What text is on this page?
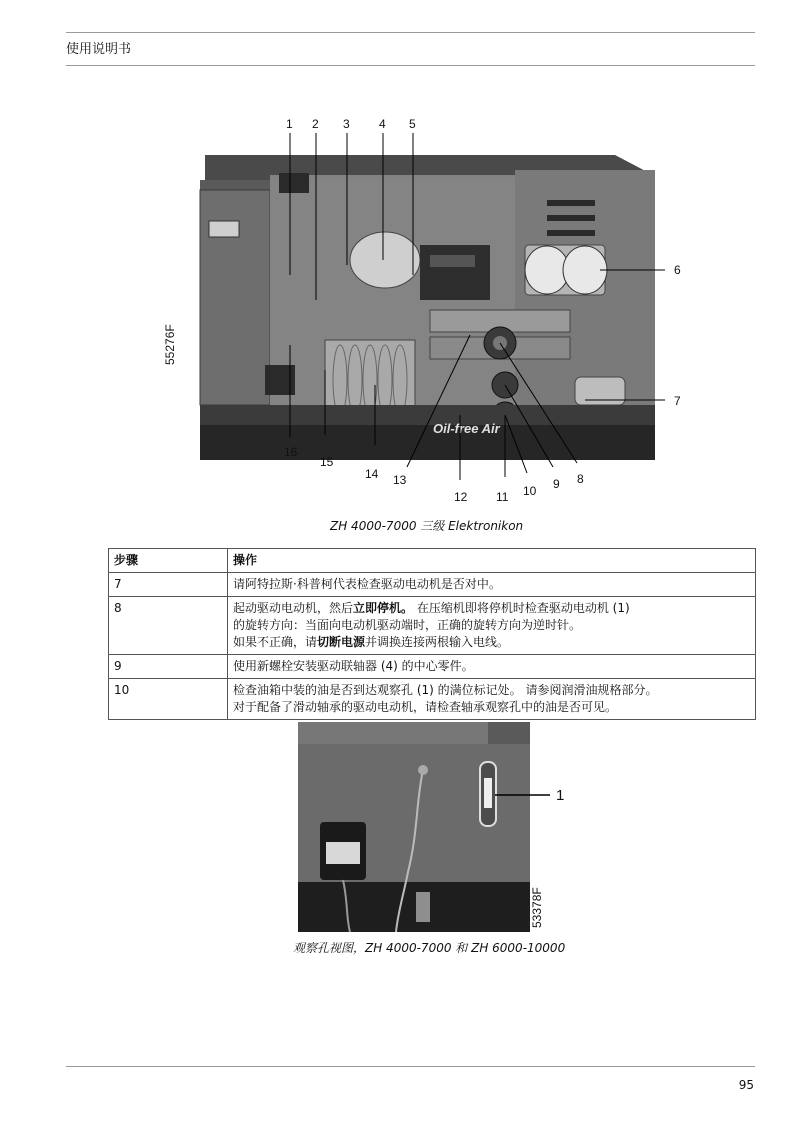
使用说明书
Oil-free Air
1 2 3 4 5
6
7
8
9
10
11
12
13
14
15
16
55276F
ZH 4000-7000 三级 Elektronikon
步骤	操作
7	请阿特拉斯·科普柯代表检查驱动电动机是否对中。
8	起动驱动电动机，然后立即停机。 在压缩机即将停机时检查驱动电动机 (1)
的旋转方向：当面向电动机驱动端时，正确的旋转方向为逆时针。
如果不正确，请切断电源并调换连接两根输入电线。
9	使用新螺栓安装驱动联轴器 (4) 的中心零件。
10	检查油箱中装的油是否到达观察孔 (1) 的满位标记处。 请参阅润滑油规格部分。
对于配备了滑动轴承的驱动电动机，请检查轴承观察孔中的油是否可见。
1
53378F
观察孔视图，ZH 4000-7000 和 ZH 6000-10000
95
